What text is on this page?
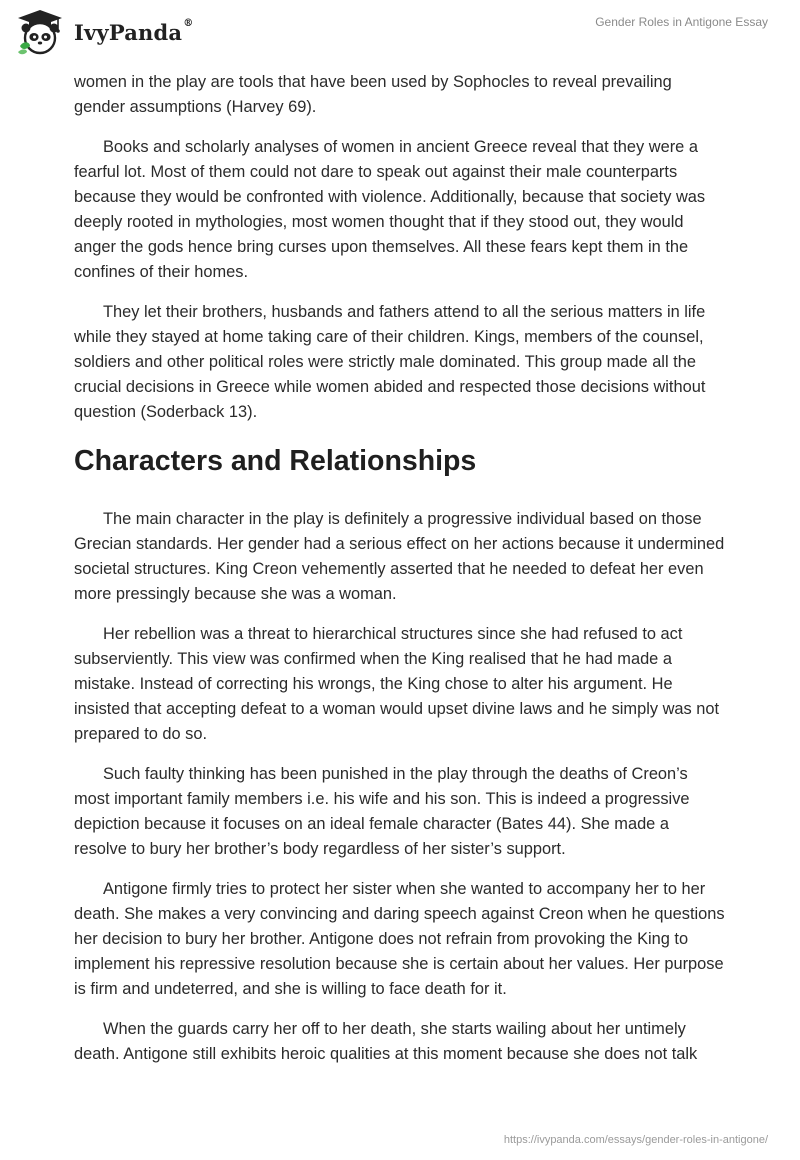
IvyPanda®	Gender Roles in Antigone Essay

women in the play are tools that have been used by Sophocles to reveal prevailing gender assumptions (Harvey 69).

Books and scholarly analyses of women in ancient Greece reveal that they were a fearful lot. Most of them could not dare to speak out against their male counterparts because they would be confronted with violence. Additionally, because that society was deeply rooted in mythologies, most women thought that if they stood out, they would anger the gods hence bring curses upon themselves. All these fears kept them in the confines of their homes.

They let their brothers, husbands and fathers attend to all the serious matters in life while they stayed at home taking care of their children. Kings, members of the counsel, soldiers and other political roles were strictly male dominated. This group made all the crucial decisions in Greece while women abided and respected those decisions without question (Soderback 13).

Characters and Relationships

The main character in the play is definitely a progressive individual based on those Grecian standards. Her gender had a serious effect on her actions because it undermined societal structures. King Creon vehemently asserted that he needed to defeat her even more pressingly because she was a woman.

Her rebellion was a threat to hierarchical structures since she had refused to act subserviently. This view was confirmed when the King realised that he had made a mistake. Instead of correcting his wrongs, the King chose to alter his argument. He insisted that accepting defeat to a woman would upset divine laws and he simply was not prepared to do so.

Such faulty thinking has been punished in the play through the deaths of Creon’s most important family members i.e. his wife and his son. This is indeed a progressive depiction because it focuses on an ideal female character (Bates 44). She made a resolve to bury her brother’s body regardless of her sister’s support.

Antigone firmly tries to protect her sister when she wanted to accompany her to her death. She makes a very convincing and daring speech against Creon when he questions her decision to bury her brother. Antigone does not refrain from provoking the King to implement his repressive resolution because she is certain about her values. Her purpose is firm and undeterred, and she is willing to face death for it.

When the guards carry her off to her death, she starts wailing about her untimely death. Antigone still exhibits heroic qualities at this moment because she does not talk

https://ivypanda.com/essays/gender-roles-in-antigone/
